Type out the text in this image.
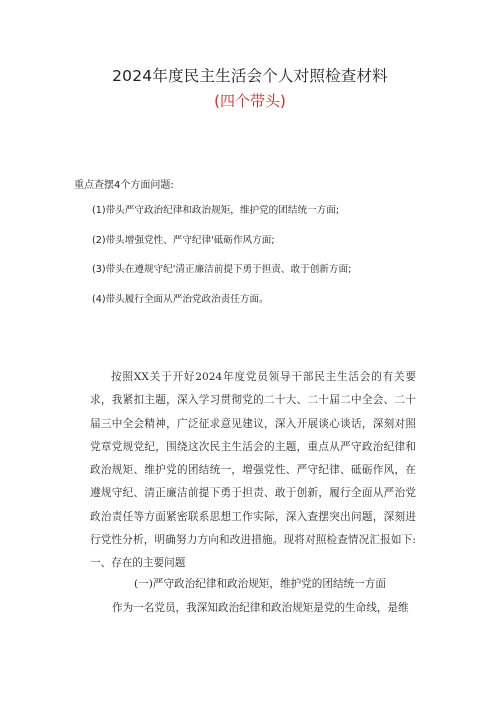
2024年度民主生活会个人对照检查材料
(四个带头)
重点查摆4个方面问题:
(1)带头严守政治纪律和政治规矩，维护党的团结统一方面;
(2)带头增强党性、严守纪律'砥砺作风方面;
(3)带头在遵规守纪'清正廉洁前提下勇于担责、敢于创新方面;
(4)带头履行全面从严治党政治责任方面。

按照XX关于开好2024年度党员领导干部民主生活会的有关要求，我紧扣主题，深入学习贯彻党的二十大、二十届二中全会、二十届三中全会精神，广泛征求意见建议，深入开展谈心谈话，深刻对照党章党规党纪，围绕这次民主生活会的主题，重点从严守政治纪律和政治规矩、维护党的团结统一，增强党性、严守纪律、砥砺作风，在遵规守纪、清正廉洁前提下勇于担责、敢于创新，履行全面从严治党政治责任等方面紧密联系思想工作实际，深入查摆突出问题，深刻进行党性分析，明确努力方向和改进措施。现将对照检查情况汇报如下:一、存在的主要问题

(一)严守政治纪律和政治规矩，维护党的团结统一方面
作为一名党员，我深知政治纪律和政治规矩是党的生命线，是维
